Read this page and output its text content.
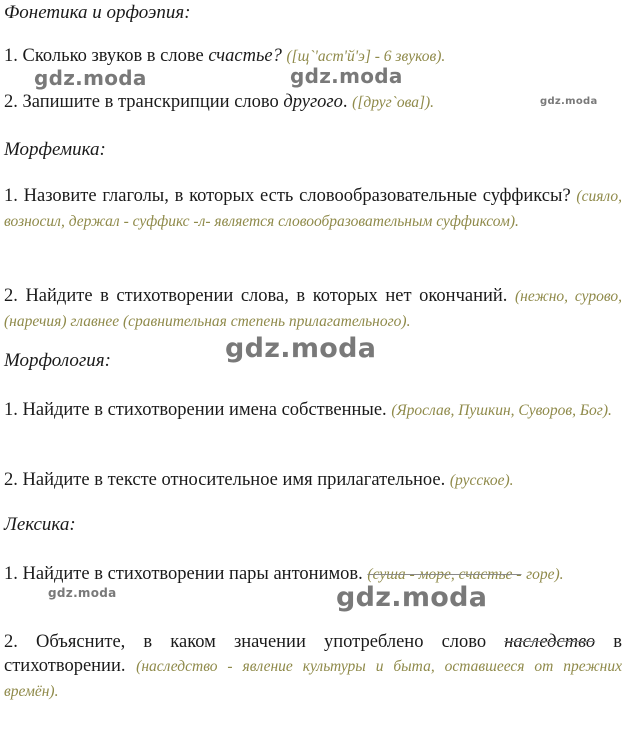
Фонетика и орфоэпия:
1. Сколько звуков в слове счастье? ([щ`'аст'й'э] - 6 звуков).
2. Запишите в транскрипции слово другого. ([друг`ова]).
Морфемика:
1. Назовите глаголы, в которых есть словообразовательные суффиксы? (сияло, возносил, держал - суффикс -л- является словообразовательным суффиксом).
2. Найдите в стихотворении слова, в которых нет окончаний. (нежно, сурово, (наречия) главнее (сравнительная степень прилагательного).
Морфология:
1. Найдите в стихотворении имена собственные. (Ярослав, Пушкин, Суворов, Бог).
2. Найдите в тексте относительное имя прилагательное. (русское).
Лексика:
1. Найдите в стихотворении пары антонимов. (суша - море, счастье - горе).
2. Объясните, в каком значении употреблено слово наследство в стихотворении. (наследство - явление культуры и быта, оставшееся от прежних времён).
gdz.moda	gdz.moda
gdz.moda
gdz.moda
gdz.moda	gdz.moda
